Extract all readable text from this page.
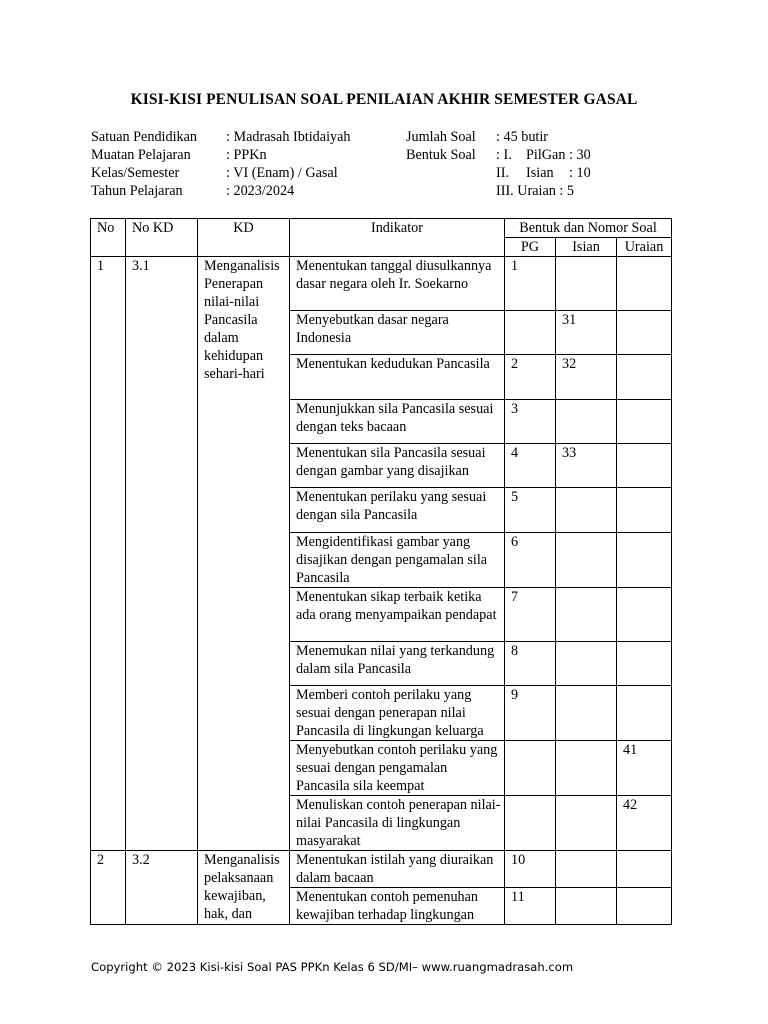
KISI-KISI PENULISAN SOAL PENILAIAN AKHIR SEMESTER GASAL
Satuan Pendidikan : Madrasah Ibtidaiyah
Muatan Pelajaran : PPKn
Kelas/Semester	: VI (Enam) / Gasal
Tahun Pelajaran	: 2023/2024
Jumlah Soal : 45 butir
Bentuk Soal : I. PilGan : 30
II. Isian : 10
III. Uraian : 5
No	No KD	KD	Indikator	Bentuk dan Nomor Soal		
				PG	Isian	Uraian
1	3.1	Menganalisis Penerapan nilai-nilai Pancasila dalam kehidupan sehari-hari	Menentukan tanggal diusulkannya dasar negara oleh Ir. Soekarno	1		
			Menyebutkan dasar negara Indonesia		31	
			Menentukan kedudukan Pancasila	2	32	
			Menunjukkan sila Pancasila sesuai dengan teks bacaan	3		
			Menentukan sila Pancasila sesuai dengan gambar yang disajikan	4	33	
			Menentukan perilaku yang sesuai dengan sila Pancasila	5		
			Mengidentifikasi gambar yang disajikan dengan pengamalan sila Pancasila	6		
			Menentukan sikap terbaik ketika ada orang menyampaikan pendapat	7		
			Menemukan nilai yang terkandung dalam sila Pancasila	8		
			Memberi contoh perilaku yang sesuai dengan penerapan nilai Pancasila di lingkungan keluarga	9		
			Menyebutkan contoh perilaku yang sesuai dengan pengamalan Pancasila sila keempat			41
			Menuliskan contoh penerapan nilai-nilai Pancasila di lingkungan masyarakat			42
2	3.2	Menganalisis pelaksanaan kewajiban, hak, dan	Menentukan istilah yang diuraikan dalam bacaan	10		
			Menentukan contoh pemenuhan kewajiban terhadap lingkungan	11		
Copyright © 2023 Kisi-kisi Soal PAS PPKn Kelas 6 SD/MI– www.ruangmadrasah.com
